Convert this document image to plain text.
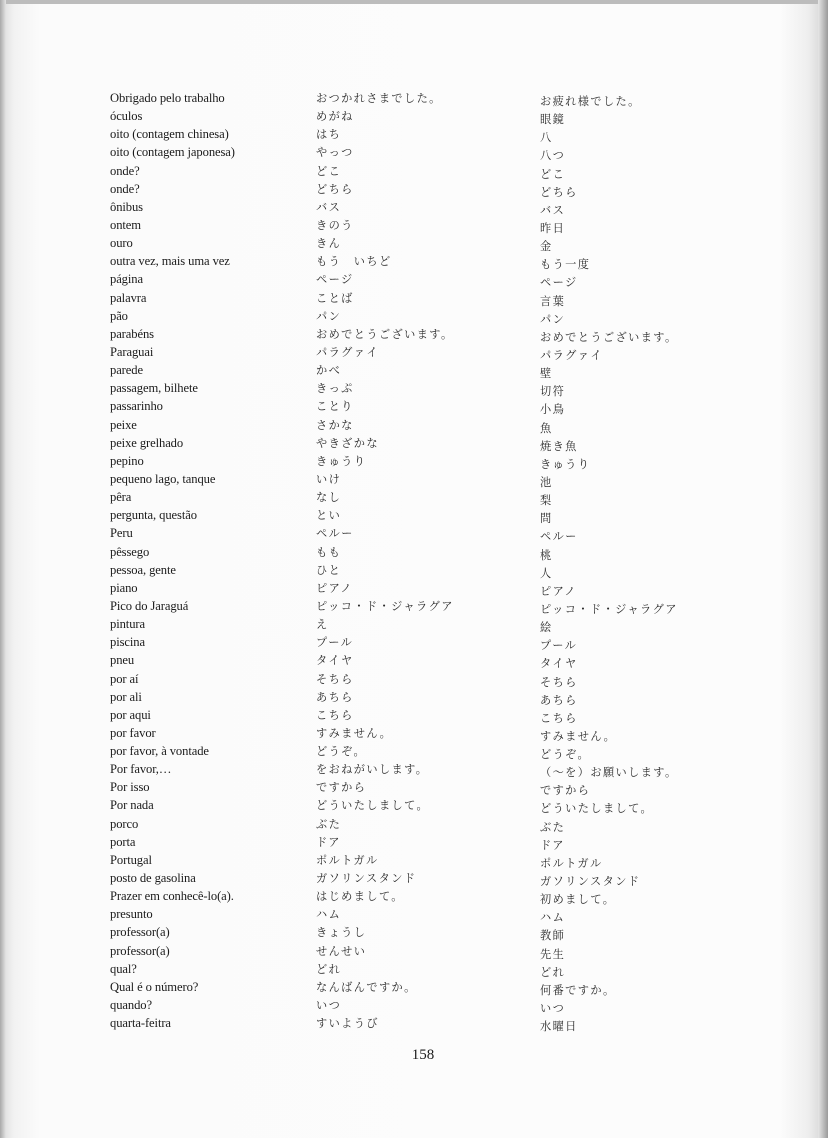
Obrigado pelo trabalho	おつかれさまでした。	お疲れ様でした。
óculos	めがね	眼鏡
oito (contagem chinesa)	はち	八
oito (contagem japonesa)	やっつ	八つ
onde?	どこ	どこ
onde?	どちら	どちら
ônibus	バス	バス
ontem	きのう	昨日
ouro	きん	金
outra vez, mais uma vez	もう　いちど	もう一度
página	ページ	ページ
palavra	ことば	言葉
pão	パン	パン
parabéns	おめでとうございます。	おめでとうございます。
Paraguai	パラグァイ	パラグァイ
parede	かべ	壁
passagem, bilhete	きっぷ	切符
passarinho	ことり	小鳥
peixe	さかな	魚
peixe grelhado	やきざかな	焼き魚
pepino	きゅうり	きゅうり
pequeno lago, tanque	いけ	池
pêra	なし	梨
pergunta, questão	とい	問
Peru	ペルー	ペルー
pêssego	もも	桃
pessoa, gente	ひと	人
piano	ピアノ	ピアノ
Pico do Jaraguá	ピッコ・ド・ジャラグア	ピッコ・ド・ジャラグア
pintura	え	絵
piscina	プール	プール
pneu	タイヤ	タイヤ
por aí	そちら	そちら
por ali	あちら	あちら
por aqui	こちら	こちら
por favor	すみません。	すみません。
por favor, à vontade	どうぞ。	どうぞ。
Por favor,…	をおねがいします。	（～を）お願いします。
Por isso	ですから	ですから
Por nada	どういたしまして。	どういたしまして。
porco	ぶた	ぶた
porta	ドア	ドア
Portugal	ポルトガル	ポルトガル
posto de gasolina	ガソリンスタンド	ガソリンスタンド
Prazer em conhecê-lo(a).	はじめまして。	初めまして。
presunto	ハム	ハム
professor(a)	きょうし	教師
professor(a)	せんせい	先生
qual?	どれ	どれ
Qual é o número?	なんばんですか。	何番ですか。
quando?	いつ	いつ
quarta-feitra	すいようび	水曜日
158
